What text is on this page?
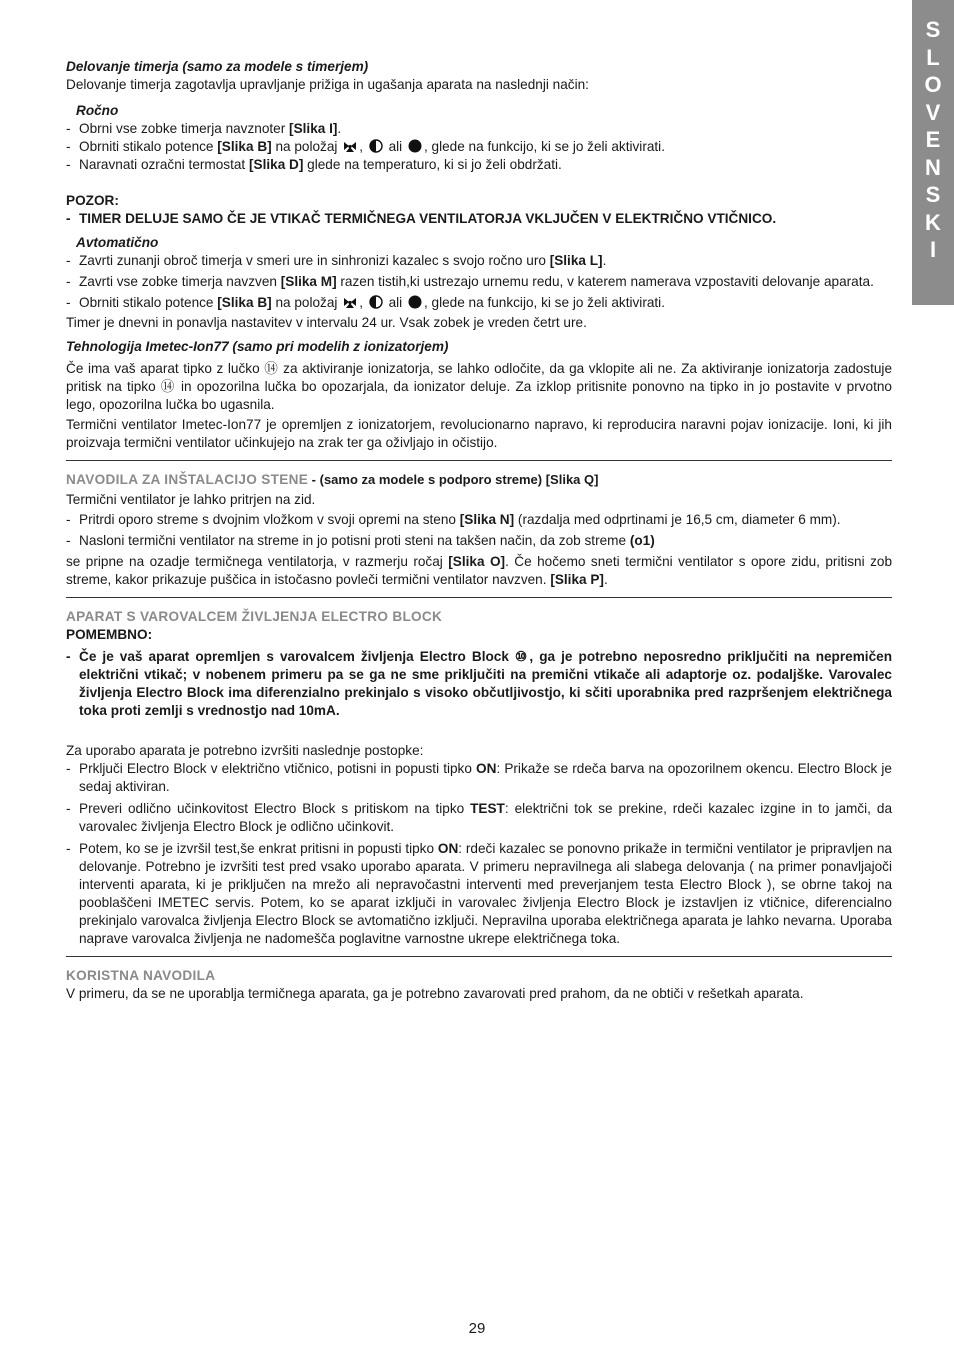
S
L
O
V
E
N
S
K
I
Delovanje timerja (samo za modele s timerjem)
Delovanje timerja zagotavlja upravljanje prižiga in ugašanja aparata na naslednji način:
Ročno
- Obrni vse zobke timerja navznoter [Slika I].
- Obrniti stikalo potence [Slika B] na položaj , ali , glede na funkcijo, ki se jo želi aktivirati.
- Naravnati ozračni termostat [Slika D] glede na temperaturo, ki si jo želi obdržati.
POZOR:
- TIMER DELUJE SAMO ČE JE VTIKAČ TERMIČNEGA VENTILATORJA VKLJUČEN V ELEKTRIČNO VTIČNICO.
Avtomatično
- Zavrti zunanji obroč timerja v smeri ure in sinhronizi kazalec s svojo ročno uro [Slika L].
- Zavrti vse zobke timerja navzven [Slika M] razen tistih,ki ustrezajo urnemu redu, v katerem namerava vzpostaviti delovanje aparata.
- Obrniti stikalo potence [Slika B] na položaj , ali , glede na funkcijo, ki se jo želi aktivirati.
Timer je dnevni in ponavlja nastavitev v intervalu 24 ur. Vsak zobek je vreden četrt ure.
Tehnologija Imetec-Ion77 (samo pri modelih z ionizatorjem)
Če ima vaš aparat tipko z lučko ⑭ za aktiviranje ionizatorja, se lahko odločite, da ga vklopite ali ne. Za aktiviranje ionizatorja zadostuje pritisk na tipko ⑭ in opozorilna lučka bo opozarjala, da ionizator deluje. Za izklop pritisnite ponovno na tipko in jo postavite v prvotno lego, opozorilna lučka bo ugasnila.
Termični ventilator Imetec-Ion77 je opremljen z ionizatorjem, revolucionarno napravo, ki reproducira naravni pojav ionizacije. Ioni, ki jih proizvaja termični ventilator učinkujejo na zrak ter ga oživljajo in očistijo.
NAVODILA ZA INŠTALACIJO STENE - (samo za modele s podporo streme) [Slika Q]
Termični ventilator je lahko pritrjen na zid.
- Pritrdi oporo streme s dvojnim vložkom v svoji opremi na steno [Slika N] (razdalja med odprtinami je 16,5 cm, diameter 6 mm).
- Nasloni termični ventilator na streme in jo potisni proti steni na takšen način, da zob streme (o1)
se pripne na ozadje termičnega ventilatorja, v razmerju ročaj [Slika O]. Če hočemo sneti termični ventilator s opore zidu, pritisni zob streme, kakor prikazuje puščica in istočasno povleči termični ventilator navzven. [Slika P].
APARAT S VAROVALCEM ŽIVLJENJA ELECTRO BLOCK
POMEMBNO:
- Če je vaš aparat opremljen s varovalcem življenja Electro Block ⑩, ga je potrebno neposredno priključiti na nepremičen električni vtikač; v nobenem primeru pa se ga ne sme priključiti na premični vtikače ali adaptorje oz. podaljške. Varovalec življenja Electro Block ima diferenzialno prekinjalo s visoko občutljivostjo, ki sčiti uporabnika pred razpršenjem električnega toka proti zemlji s vrednostjo nad 10mA.
Za uporabo aparata je potrebno izvršiti naslednje postopke:
- Prključi Electro Block v električno vtičnico, potisni in popusti tipko ON: Prikaže se rdeča barva na opozorilnem okencu. Electro Block je sedaj aktiviran.
- Preveri odlično učinkovitost Electro Block s pritiskom na tipko TEST: električni tok se prekine, rdeči kazalec izgine in to jamči, da varovalec življenja Electro Block je odlično učinkovit.
- Potem, ko se je izvršil test,še enkrat pritisni in popusti tipko ON: rdeči kazalec se ponovno prikaže in termični ventilator je pripravljen na delovanje. Potrebno je izvršiti test pred vsako uporabo aparata. V primeru nepravilnega ali slabega delovanja ( na primer ponavljajoči interventi aparata, ki je priključen na mrežo ali nepravočastni interventi med preverjanjem testa Electro Block ), se obrne takoj na pooblaščeni IMETEC servis. Potem, ko se aparat izključi in varovalec življenja Electro Block je izstavljen iz vtičnice, diferencialno prekinjalo varovalca življenja Electro Block se avtomatično izključi. Nepravilna uporaba električnega aparata je lahko nevarna. Uporaba naprave varovalca življenja ne nadomešča poglavitne varnostne ukrepe električnega toka.
KORISTNA NAVODILA
V primeru, da se ne uporablja termičnega aparata, ga je potrebno zavarovati pred prahom, da ne obtiči v rešetkah aparata.
29
